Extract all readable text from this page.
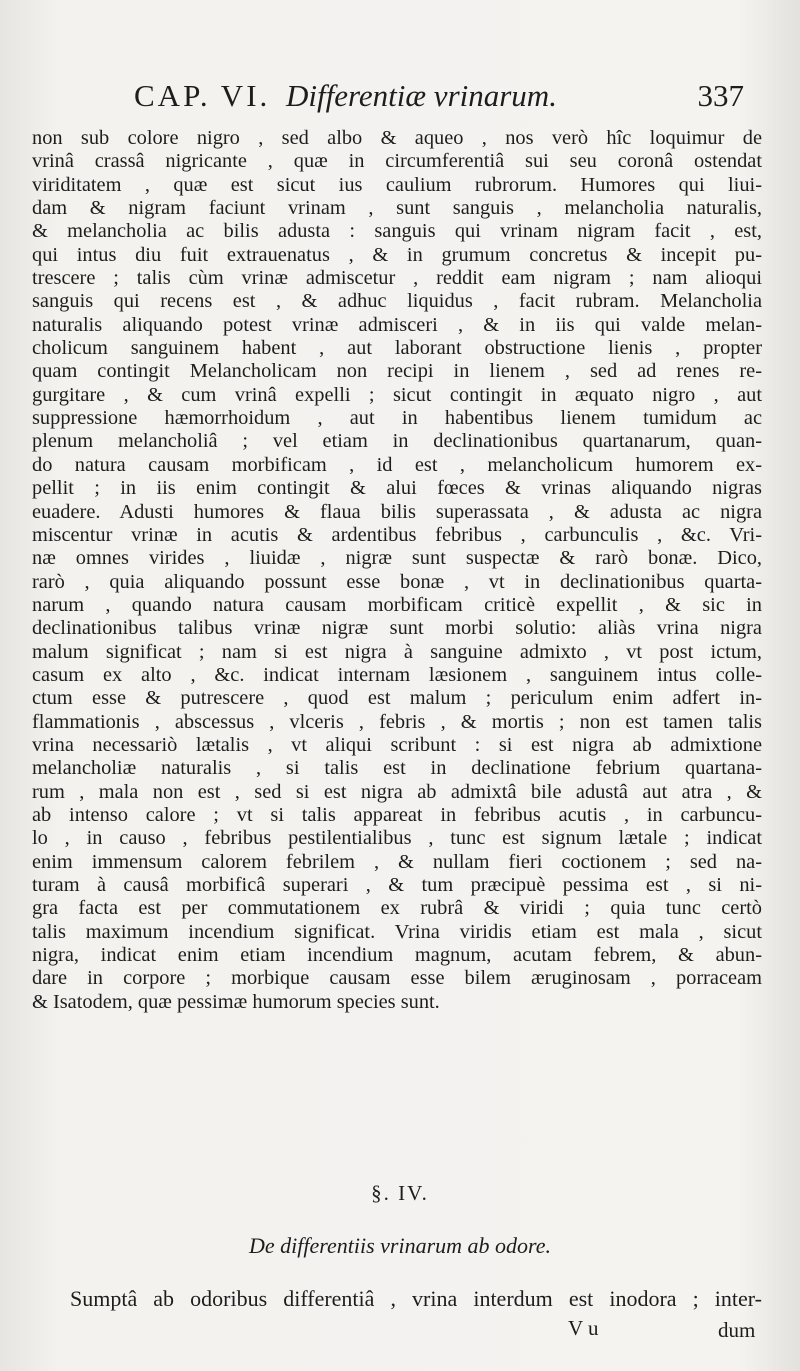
CAP. VI. Differentiæ vrinarum.	337
non sub colore nigro , sed albo & aqueo , nos verò hîc loquimur de
vrinâ crassâ nigricante , quæ in circumferentiâ sui seu coronâ ostendat
viriditatem , quæ est sicut ius caulium rubrorum. Humores qui liui-
dam & nigram faciunt vrinam , sunt sanguis , melancholia naturalis,
& melancholia ac bilis adusta : sanguis qui vrinam nigram facit , est,
qui intus diu fuit extrauenatus , & in grumum concretus & incepit pu-
trescere ; talis cùm vrinæ admiscetur , reddit eam nigram ; nam alioqui
sanguis qui recens est , & adhuc liquidus , facit rubram. Melancholia
naturalis aliquando potest vrinæ admisceri , & in iis qui valde melan-
cholicum sanguinem habent , aut laborant obstructione lienis , propter
quam contingit Melancholicam non recipi in lienem , sed ad renes re-
gurgitare , & cum vrinâ expelli ; sicut contingit in æquato nigro , aut
suppressione hæmorrhoidum , aut in habentibus lienem tumidum ac
plenum melancholiâ ; vel etiam in declinationibus quartanarum, quan-
do natura causam morbificam , id est , melancholicum humorem ex-
pellit ; in iis enim contingit & alui fœces & vrinas aliquando nigras
euadere. Adusti humores & flaua bilis superassata , & adusta ac nigra
miscentur vrinæ in acutis & ardentibus febribus , carbunculis , &c. Vri-
næ omnes virides , liuidæ , nigræ sunt suspectæ & rarò bonæ. Dico,
rarò , quia aliquando possunt esse bonæ , vt in declinationibus quarta-
narum , quando natura causam morbificam criticè expellit , & sic in
declinationibus talibus vrinæ nigræ sunt morbi solutio: aliàs vrina nigra
malum significat ; nam si est nigra à sanguine admixto , vt post ictum,
casum ex alto , &c. indicat internam læsionem , sanguinem intus colle-
ctum esse & putrescere , quod est malum ; periculum enim adfert in-
flammationis , abscessus , vlceris , febris , & mortis ; non est tamen talis
vrina necessariò lætalis , vt aliqui scribunt : si est nigra ab admixtione
melancholiæ naturalis , si talis est in declinatione febrium quartana-
rum , mala non est , sed si est nigra ab admixtâ bile adustâ aut atra , &
ab intenso calore ; vt si talis appareat in febribus acutis , in carbuncu-
lo , in causo , febribus pestilentialibus , tunc est signum lætale ; indicat
enim immensum calorem febrilem , & nullam fieri coctionem ; sed na-
turam à causâ morbificâ superari , & tum præcipuè pessima est , si ni-
gra facta est per commutationem ex rubrâ & viridi ; quia tunc certò
talis maximum incendium significat. Vrina viridis etiam est mala , sicut
nigra, indicat enim etiam incendium magnum, acutam febrem, & abun-
dare in corpore ; morbique causam esse bilem æruginosam , porraceam
& Isatodem, quæ pessimæ humorum species sunt.
§. IV.
De differentiis vrinarum ab odore.
Sumptâ ab odoribus differentiâ , vrina interdum est inodora ; inter-
V u	dum
